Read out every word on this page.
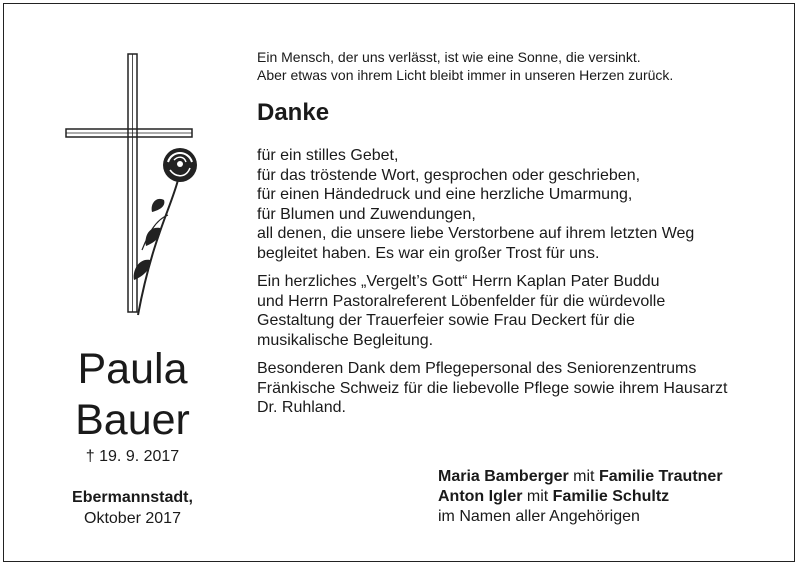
Paula
Bauer
† 19. 9. 2017
Ebermannstadt,
Oktober 2017

Ein Mensch, der uns verlässt, ist wie eine Sonne, die versinkt.
Aber etwas von ihrem Licht bleibt immer in unseren Herzen zurück.

Danke

für ein stilles Gebet,
für das tröstende Wort, gesprochen oder geschrieben,
für einen Händedruck und eine herzliche Umarmung,
für Blumen und Zuwendungen,
all denen, die unsere liebe Verstorbene auf ihrem letzten Weg
begleitet haben. Es war ein großer Trost für uns.

Ein herzliches „Vergelt’s Gott“ Herrn Kaplan Pater Buddu
und Herrn Pastoralreferent Löbenfelder für die würdevolle
Gestaltung der Trauerfeier sowie Frau Deckert für die
musikalische Begleitung.

Besonderen Dank dem Pflegepersonal des Seniorenzentrums
Fränkische Schweiz für die liebevolle Pflege sowie ihrem Hausarzt
Dr. Ruhland.

Maria Bamberger mit Familie Trautner
Anton Igler mit Familie Schultz
im Namen aller Angehörigen
